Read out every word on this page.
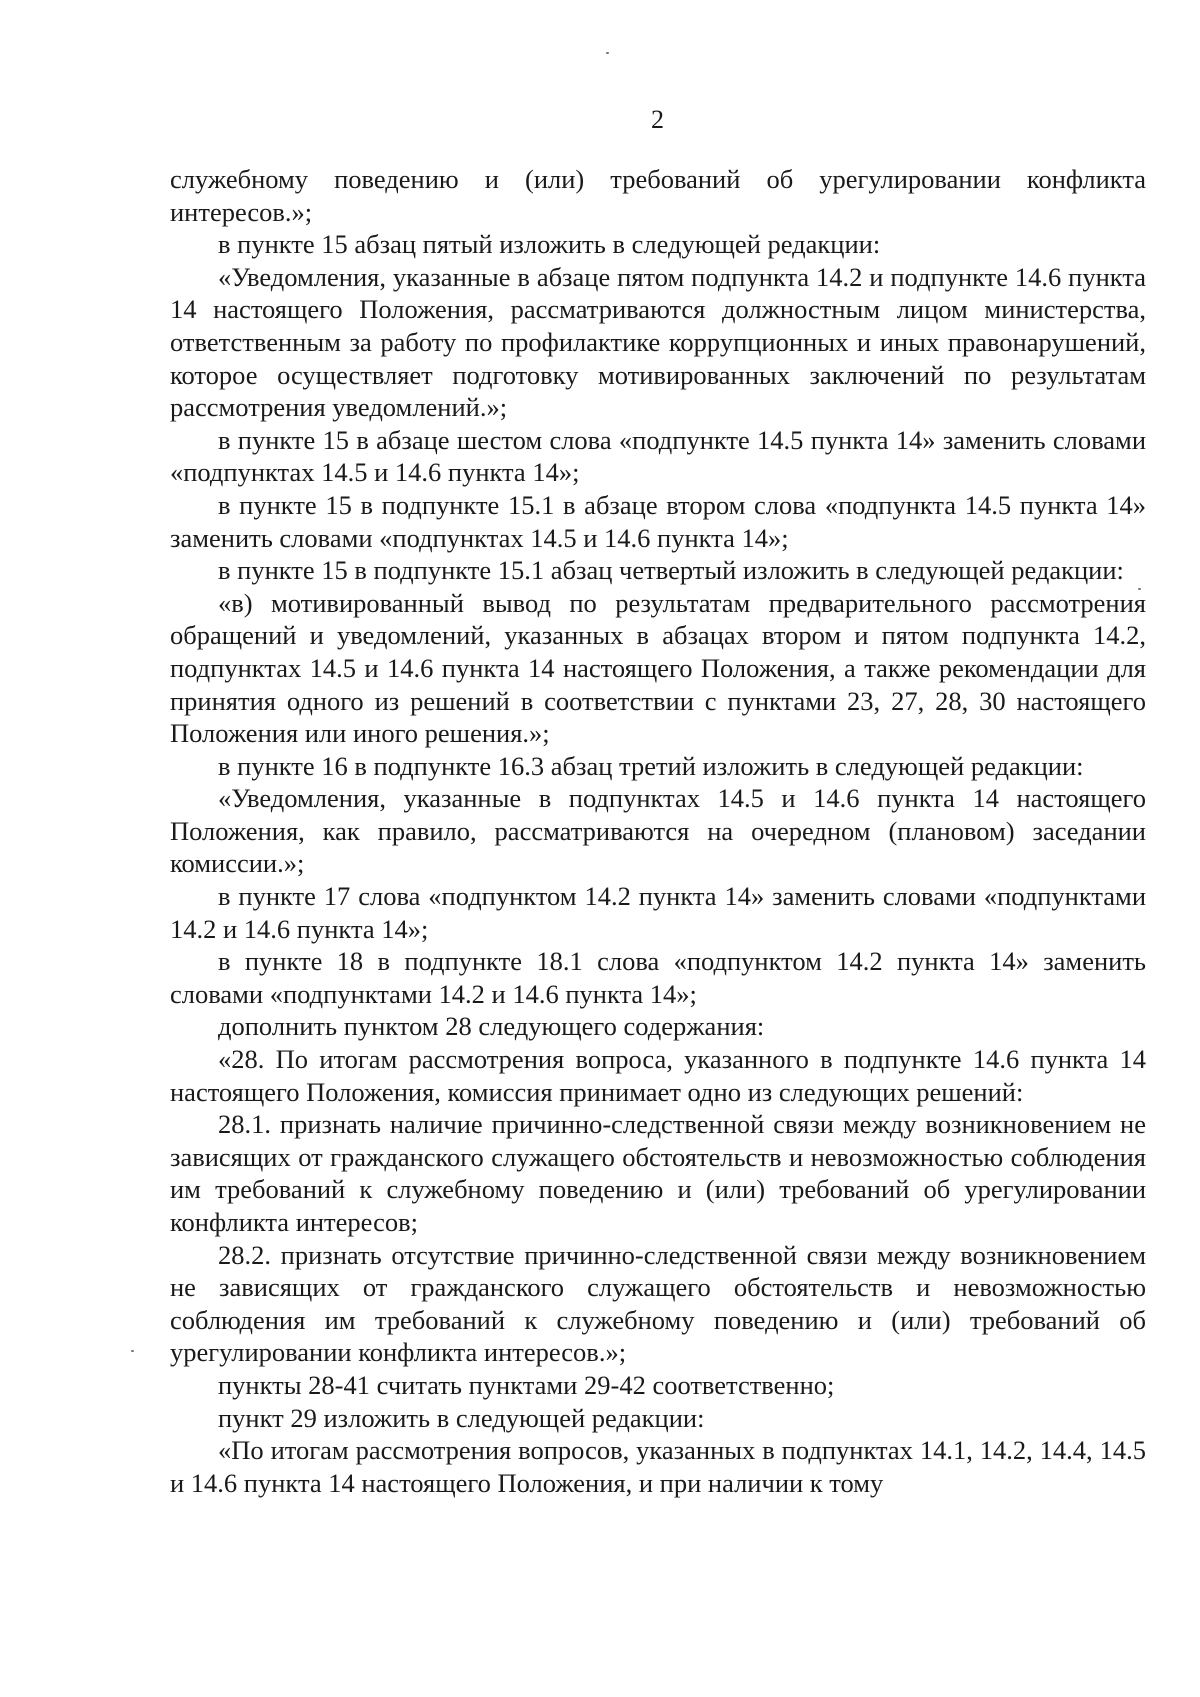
2

служебному поведению и (или) требований об урегулировании конфликта интересов.»;

в пункте 15 абзац пятый изложить в следующей редакции:

«Уведомления, указанные в абзаце пятом подпункта 14.2 и подпункте 14.6 пункта 14 настоящего Положения, рассматриваются должностным лицом министерства, ответственным за работу по профилактике коррупционных и иных правонарушений, которое осуществляет подготовку мотивированных заключений по результатам рассмотрения уведомлений.»;

в пункте 15 в абзаце шестом слова «подпункте 14.5 пункта 14» заменить словами «подпунктах 14.5 и 14.6 пункта 14»;

в пункте 15 в подпункте 15.1 в абзаце втором слова «подпункта 14.5 пункта 14» заменить словами «подпунктах 14.5 и 14.6 пункта 14»;

в пункте 15 в подпункте 15.1 абзац четвертый изложить в следующей редакции:

«в) мотивированный вывод по результатам предварительного рассмотрения обращений и уведомлений, указанных в абзацах втором и пятом подпункта 14.2, подпунктах 14.5 и 14.6 пункта 14 настоящего Положения, а также рекомендации для принятия одного из решений в соответствии с пунктами 23, 27, 28, 30 настоящего Положения или иного решения.»;

в пункте 16 в подпункте 16.3 абзац третий изложить в следующей редакции:

«Уведомления, указанные в подпунктах 14.5 и 14.6 пункта 14 настоящего Положения, как правило, рассматриваются на очередном (плановом) заседании комиссии.»;

в пункте 17 слова «подпунктом 14.2 пункта 14» заменить словами «подпунктами 14.2 и 14.6 пункта 14»;

в пункте 18 в подпункте 18.1 слова «подпунктом 14.2 пункта 14» заменить словами «подпунктами 14.2 и 14.6 пункта 14»;

дополнить пунктом 28 следующего содержания:

«28. По итогам рассмотрения вопроса, указанного в подпункте 14.6 пункта 14 настоящего Положения, комиссия принимает одно из следующих решений:

28.1. признать наличие причинно-следственной связи между возникновением не зависящих от гражданского служащего обстоятельств и невозможностью соблюдения им требований к служебному поведению и (или) требований об урегулировании конфликта интересов;

28.2. признать отсутствие причинно-следственной связи между возникновением не зависящих от гражданского служащего обстоятельств и невозможностью соблюдения им требований к служебному поведению и (или) требований об урегулировании конфликта интересов.»;

пункты 28-41 считать пунктами 29-42 соответственно;

пункт 29 изложить в следующей редакции:

«По итогам рассмотрения вопросов, указанных в подпунктах 14.1, 14.2, 14.4, 14.5 и 14.6 пункта 14 настоящего Положения, и при наличии к тому
